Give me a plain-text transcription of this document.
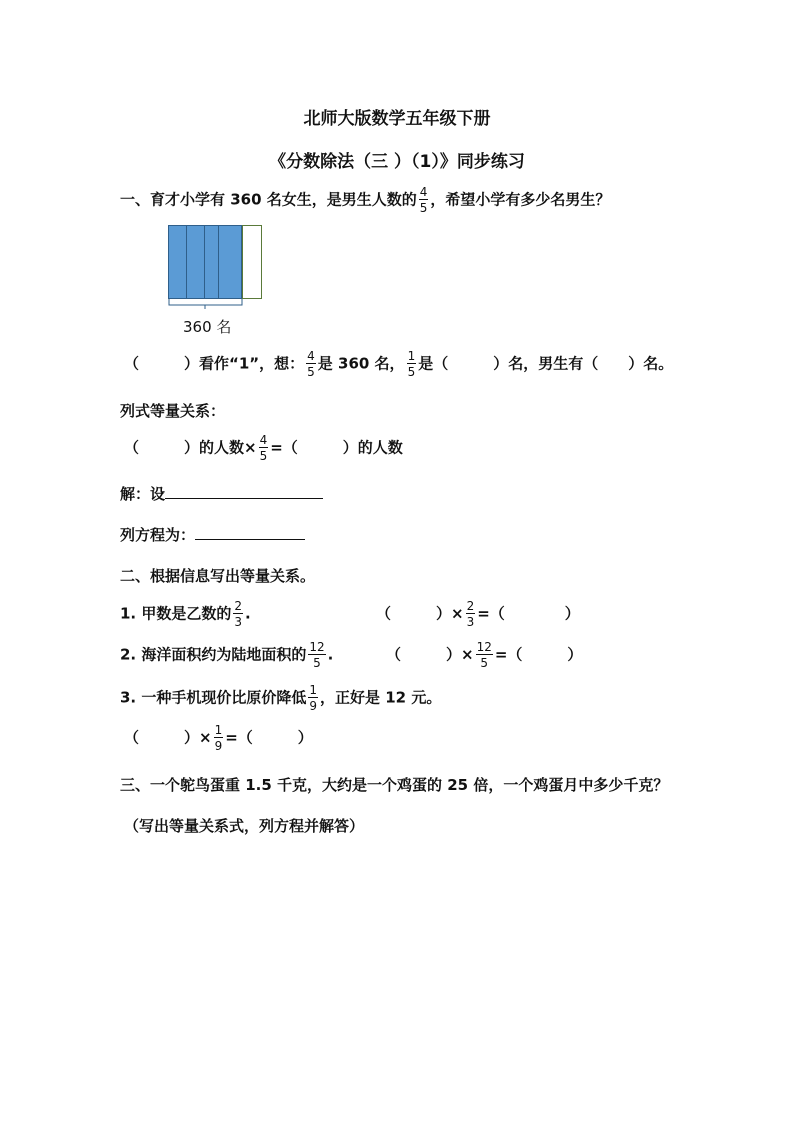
北师大版数学五年级下册
《分数除法（三 ）（1）》同步练习
一、育才小学有 360 名女生，是男生人数的 $\frac{4}{5}$ ，希望小学有多少名男生？
360 名
（　　　）看作“1”，想： $\frac{4}{5}$ 是 360 名， $\frac{1}{5}$ 是（　　　）名，男生有（　　）名。
列式等量关系：
（　　　）的人数× $\frac{4}{5}$ =（　　　）的人数
解：设
列方程为：
二、根据信息写出等量关系。
1. 甲数是乙数的 $\frac{2}{3}$ .	（　　　）× $\frac{2}{3}$ =（　　　　）
2. 海洋面积约为陆地面积的 $\frac{12}{5}$ .	（　　　）× $\frac{12}{5}$ =（　　　）
3. 一种手机现价比原价降低 $\frac{1}{9}$ ，正好是 12 元。
（　　　）× $\frac{1}{9}$ =（　　　）
三、一个鸵鸟蛋重 1.5 千克，大约是一个鸡蛋的 25 倍，一个鸡蛋月中多少千克？
（写出等量关系式，列方程并解答）
